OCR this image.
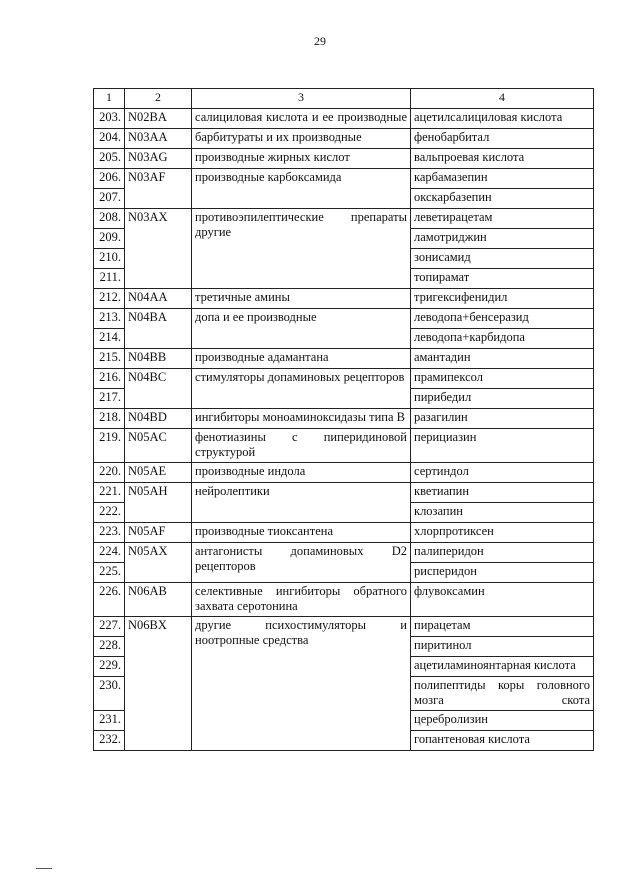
29
1	2	3	4
203.	N02BA	салициловая кислота и ее производные	ацетилсалициловая кислота
204.	N03AA	барбитураты и их производные	фенобарбитал
205.	N03AG	производные жирных кислот	вальпроевая кислота
206.	N03AF	производные карбоксамида	карбамазепин
207.			окскарбазепин
208.	N03AX	противоэпилептические препараты другие	леветирацетам
209.			ламотриджин
210.			зонисамид
211.			топирамат
212.	N04AA	третичные амины	тригексифенидил
213.	N04BA	допа и ее производные	леводопа+бенсеразид
214.			леводопа+карбидопа
215.	N04BB	производные адамантана	амантадин
216.	N04BC	стимуляторы допаминовых рецепторов	прамипексол
217.			пирибедил
218.	N04BD	ингибиторы моноаминоксидазы типа B	разагилин
219.	N05AC	фенотиазины с пиперидиновой структурой	перициазин
220.	N05AE	производные индола	сертиндол
221.	N05AH	нейролептики	кветиапин
222.			клозапин
223.	N05AF	производные тиоксантена	хлорпротиксен
224.	N05AX	антагонисты допаминовых D2 рецепторов	палиперидон
225.			рисперидон
226.	N06AB	селективные ингибиторы обратного захвата серотонина	флувоксамин
227.	N06BX	другие психостимуляторы и ноотропные средства	пирацетам
228.			пиритинол
229.			ацетиламиноянтарная кислота
230.			полипептиды коры головного мозга скота
231.			церебролизин
232.			гопантеновая кислота
